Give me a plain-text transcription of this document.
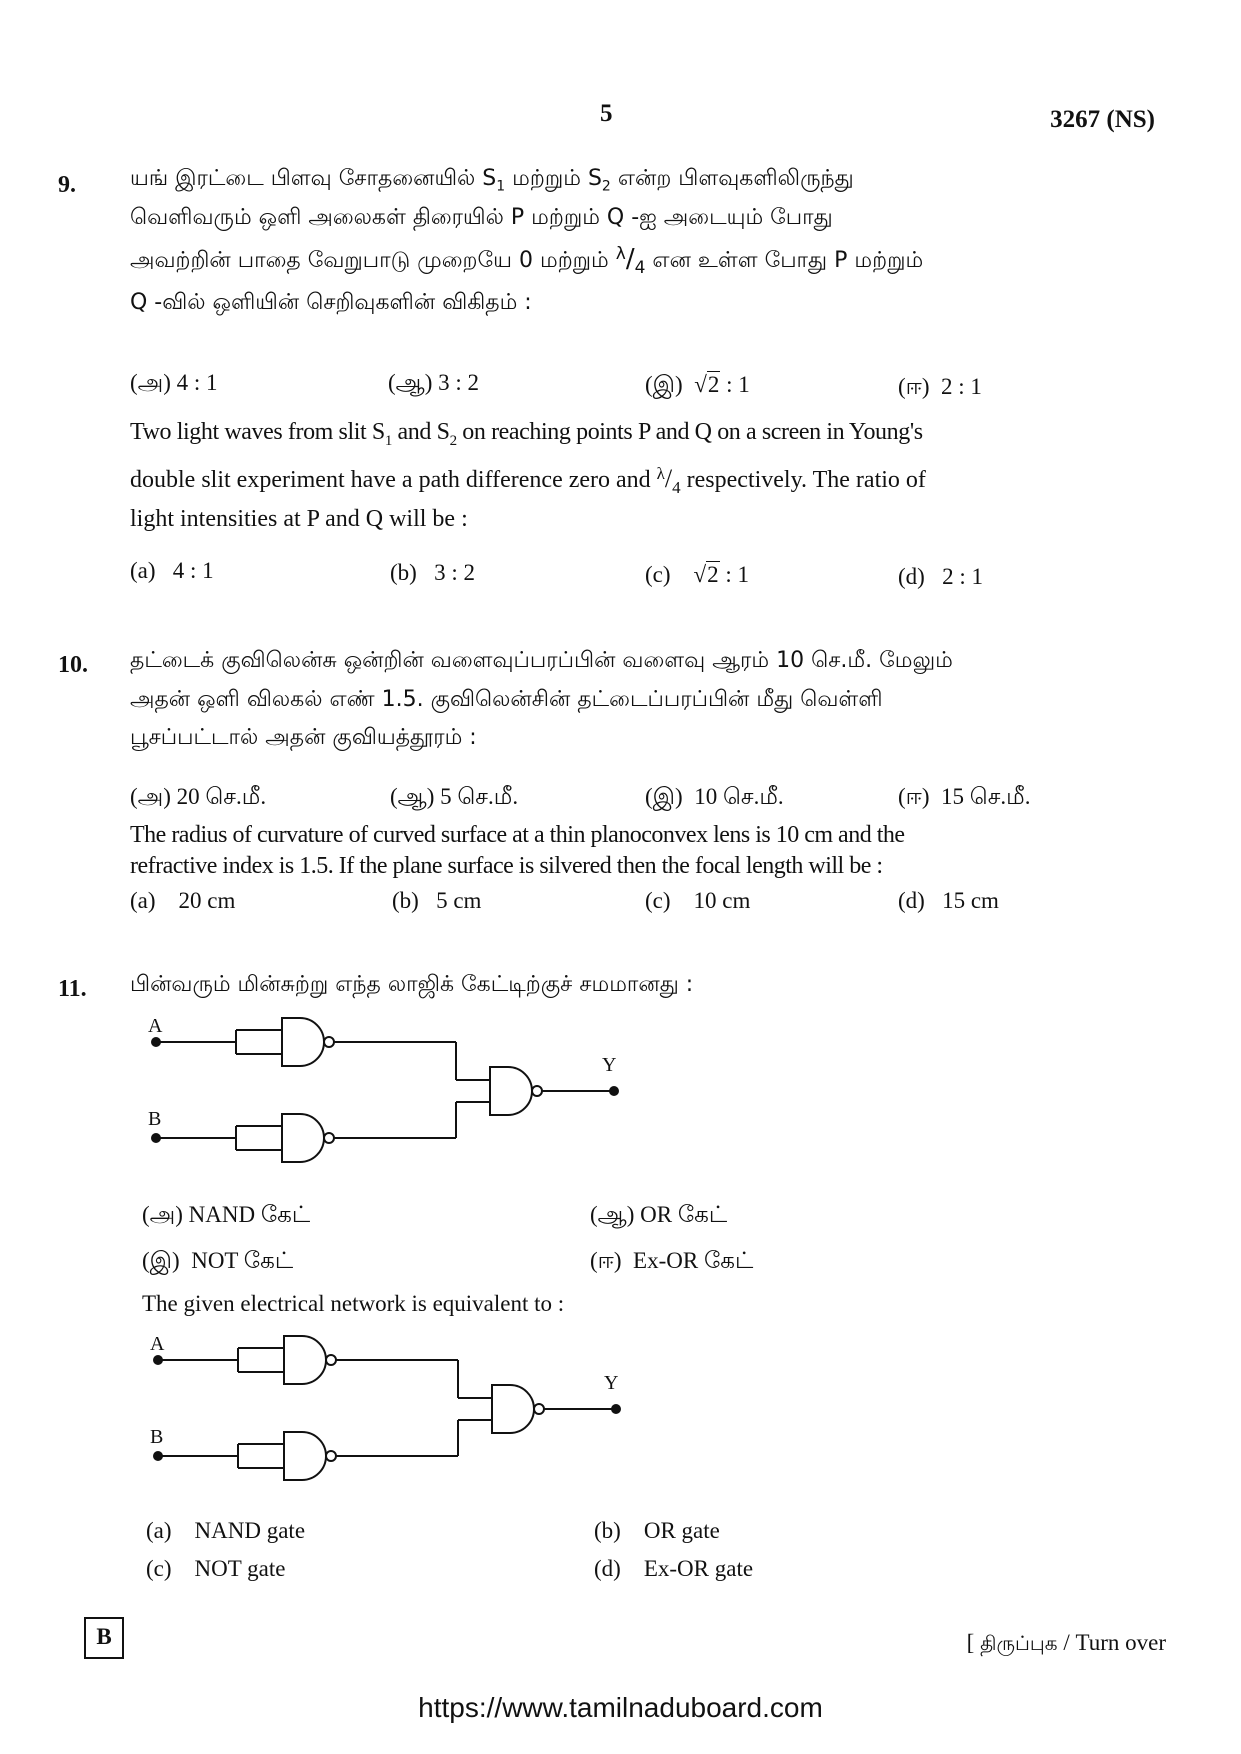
5	3267 (NS)
9. யங் இரட்டை பிளவு சோதனையில் $S_1$ மற்றும் $S_2$ என்ற பிளவுகளிலிருந்து
வெளிவரும் ஒளி அலைகள் திரையில் P மற்றும் Q -ஐ அடையும் போது
அவற்றின் பாதை வேறுபாடு முறையே 0 மற்றும் $^\lambda/_4$ என உள்ள போது P மற்றும்
Q -வில் ஒளியின் செறிவுகளின் விகிதம் :
(அ) 4 : 1	(ஆ) 3 : 2	(இ) √2 : 1	(ஈ) 2 : 1
Two light waves from slit $S_1$ and $S_2$ on reaching points P and Q on a screen in Young's
double slit experiment have a path difference zero and $^\lambda/_4$ respectively. The ratio of
light intensities at P and Q will be :
(a) 4 : 1	(b) 3 : 2	(c) √2 : 1	(d) 2 : 1
10. தட்டைக் குவிலென்சு ஒன்றின் வளைவுப்பரப்பின் வளைவு ஆரம் 10 செ.மீ. மேலும்
அதன் ஒளி விலகல் எண் 1.5. குவிலென்சின் தட்டைப்பரப்பின் மீது வெள்ளி
பூசப்பட்டால் அதன் குவியத்தூரம் :
(அ) 20 செ.மீ.	(ஆ) 5 செ.மீ.	(இ) 10 செ.மீ.	(ஈ) 15 செ.மீ.
The radius of curvature of curved surface at a thin planoconvex lens is 10 cm and the
refractive index is 1.5. If the plane surface is silvered then the focal length will be :
(a) 20 cm	(b) 5 cm	(c) 10 cm	(d) 15 cm
11. பின்வரும் மின்சுற்று எந்த லாஜிக் கேட்டிற்குச் சமமானது :
A
B
Y
(அ) NAND கேட்	(ஆ) OR கேட்
(இ) NOT கேட்	(ஈ) Ex-OR கேட்
The given electrical network is equivalent to :
A
B
Y
(a) NAND gate	(b) OR gate
(c) NOT gate	(d) Ex-OR gate
B	[ திருப்புக / Turn over
https://www.tamilnaduboard.com
